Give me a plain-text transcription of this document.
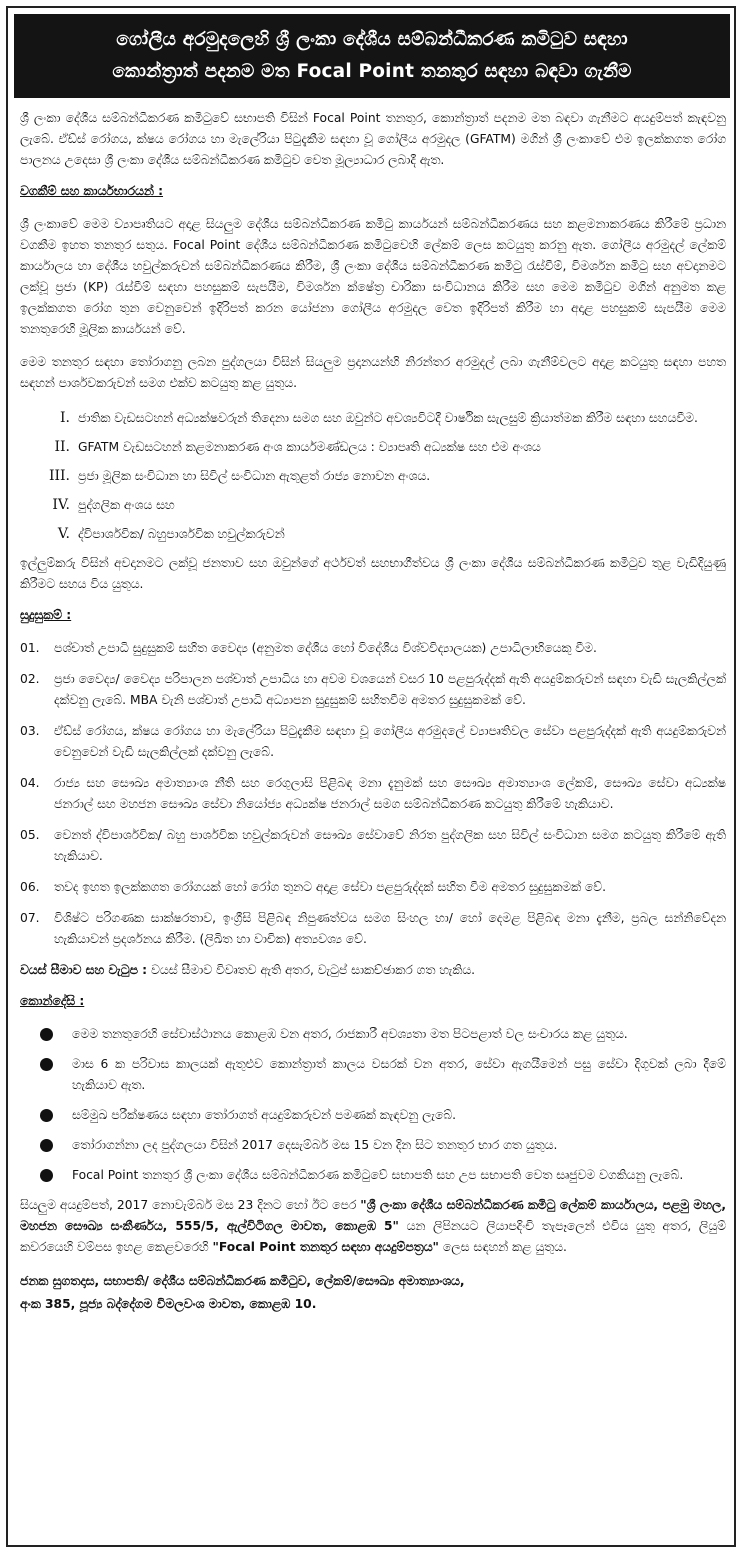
ගෝලීය අරමුදලෙහි ශ්‍රී ලංකා දේශීය සම්බන්ධීකරණ කමිටුව සඳහා
කොන්ත්‍රාත් පදනම මත Focal Point තනතුර සඳහා බඳවා ගැනීම

ශ්‍රී ලංකා දේශීය සම්බන්ධීකරණ කමිටුවේ සභාපති විසින් Focal Point තනතුර, කොන්ත්‍රාත් පදනම මත බඳවා ගැනීමට අයදුම්පත් කැඳවනු ලැබේ. ඒඩ්ස් රෝගය, ක්ෂය රෝගය හා මැලේරියා පිටුදැකීම සඳහා වූ ගෝලීය අරමුදල (GFATM) මගින් ශ්‍රී ලංකාවේ එම ඉලක්කගත රෝග පාලනය උදෙසා ශ්‍රී ලංකා දේශීය සම්බන්ධීකරණ කමිටුව වෙත මූල්‍යාධාර ලබාදී ඇත.

වගකීම් සහ කාර්යභාරයන් :

ශ්‍රී ලංකාවේ මෙම ව්‍යාපෘතියට අදාළ සියලුම දේශීය සම්බන්ධීකරණ කමිටු කාර්යයන් සම්බන්ධීකරණය සහ කළමනාකරණය කිරීමේ ප්‍රධාන වගකීම ඉහත තනතුර සතුය. Focal Point දේශීය සම්බන්ධීකරණ කමිටුවෙහි ලේකම් ලෙස කටයුතු කරනු ඇත. ගෝලීය අරමුදල් ලේකම් කාර්යාලය හා දේශීය හවුල්කරුවන් සම්බන්ධීකරණය කිරීම, ශ්‍රී ලංකා දේශීය සම්බන්ධීකරණ කමිටු රැස්වීම්, විමර්ශන කමිටු සහ අවදානමට ලක්වූ ප්‍රජා (KP) රැස්වීම් සඳහා පහසුකම් සැපයීම, විමර්ශන ක්ෂේත්‍ර චාරිකා සංවිධානය කිරීම සහ මෙම කමිටුව මගින් අනුමත කළ ඉලක්කගත රෝග තුන වෙනුවෙන් ඉදිරිපත් කරන යෝජනා ගෝලීය අරමුදල වෙත ඉදිරිපත් කිරීම හා අදාළ පහසුකම් සැපයීම මෙම තනතුරෙහි මූලික කාර්යයන් වේ.

මෙම තනතුර සඳහා තෝරාගනු ලබන පුද්ගලයා විසින් සියලුම ප්‍රදානයන්හි නිරන්තර අරමුදල් ලබා ගැනීම්වලට අදාළ කටයුතු සඳහා පහත සඳහන් පාර්ශවකරුවන් සමග එක්ව කටයුතු කළ යුතුය.

I. ජාතික වැඩසටහන් අධ්‍යක්ෂවරුන් තිදෙනා සමග සහ ඔවුන්ට අවශ්‍යවිටදී වාර්ෂික සැලසුම් ක්‍රියාත්මක කිරීම සඳහා සහයවීම.
II. GFATM වැඩසටහන් කළමනාකරණ අංශ කාර්යමණ්ඩලය : ව්‍යාපෘති අධ්‍යක්ෂ සහ එම අංශය
III. ප්‍රජා මූලික සංවිධාන හා සිවිල් සංවිධාන ඇතුළත් රාජ්‍ය නොවන අංශය.
IV. පුද්ගලික අංශය සහ
V. ද්විපාර්ශවික/ බහුපාර්ශවික හවුල්කරුවන්

ඉල්ලුම්කරු විසින් අවදානමට ලක්වූ ජනතාව සහ ඔවුන්ගේ අර්ථවත් සහභාගීත්වය ශ්‍රී ලංකා දේශීය සම්බන්ධීකරණ කමිටුව තුළ වැඩිදියුණු කිරීමට සහය විය යුතුය.

සුදුසුකම් :
01.	පශ්චාත් උපාධි සුදුසුකම් සහිත වෛද්‍ය (අනුමත දේශීය හෝ විදේශීය විශ්වවිද්‍යාලයක) උපාධිලාභියෙකු වීම.
02.	ප්‍රජා වෛද්‍ය/ වෛද්‍ය පරිපාලන පශ්චාත් උපාධිය හා අවම වශයෙන් වසර 10 පළපුරුද්දක් ඇති අයදුම්කරුවන් සඳහා වැඩි සැලකිල්ලක් දක්වනු ලැබේ. MBA වැනි පශ්චාත් උපාධි අධ්‍යාපන සුදුසුකම් සහිතවීම අමතර සුදුසුකමක් වේ.
03.	ඒඩ්ස් රෝගය, ක්ෂය රෝගය හා මැලේරියා පිටුදැකීම සඳහා වූ ගෝලීය අරමුදලේ ව්‍යාපෘතිවල සේවා පළපුරුද්දක් ඇති අයදුම්කරුවන් වෙනුවෙන් වැඩි සැලකිල්ලක් දක්වනු ලැබේ.
04.	රාජ්‍ය සහ සෞඛ්‍ය අමාත්‍යාංශ නීති සහ රෙගුලාසි පිළිබඳ මනා දැනුමක් සහ සෞඛ්‍ය අමාත්‍යාංශ ලේකම්, සෞඛ්‍ය සේවා අධ්‍යක්ෂ ජනරාල් සහ මහජන සෞඛ්‍ය සේවා නියෝජ්‍ය අධ්‍යක්ෂ ජනරාල් සමග සම්බන්ධීකරණ කටයුතු කිරීමේ හැකියාව.
05.	වෙනත් ද්විපාර්ශවික/ බහු පාර්ශවික හවුල්කරුවන් සෞඛ්‍ය සේවාවේ නිරත පුද්ගලික සහ සිවිල් සංවිධාන සමග කටයුතු කිරීමේ ඇති හැකියාව.
06.	තවද ඉහත ඉලක්කගත රෝගයක් හෝ රෝග තුනට අදාළ සේවා පළපුරුද්දක් සහිත වීම අමතර සුදුසුකමක් වේ.
07.	විශිෂ්ට පරිගණක සාක්ෂරතාව, ඉංග්‍රීසි පිළිබඳ නිපුණත්වය සමග සිංහල හා/ හෝ දෙමළ පිළිබඳ මනා දැනීම, ප්‍රබල සන්නිවේදන හැකියාවන් ප්‍රදර්ශනය කිරීම. (ලිඛිත හා වාචික) අත්‍යවශ්‍ය වේ.

වයස් සීමාව සහ වැටුප : වයස් සීමාව විවෘතව ඇති අතර, වැටුප් සාකච්ඡාකර ගත හැකිය.

කොන්දේසි :
මෙම තනතුරෙහි සේවාස්ථානය කොළඹ වන අතර, රාජකාරී අවශ්‍යතා මත පිටපළාත් වල සංචාරය කළ යුතුය.
මාස 6 ක පරිවාස කාලයක් ඇතුළුව කොන්ත්‍රාත් කාලය වසරක් වන අතර, සේවා ඇගයීමෙන් පසු සේවා දිගුවක් ලබා දීමේ හැකියාව ඇත.
සම්මුඛ පරීක්ෂණය සඳහා තෝරාගත් අයදුම්කරුවන් පමණක් කැඳවනු ලැබේ.
තෝරාගන්නා ලද පුද්ගලයා විසින් 2017 දෙසැම්බර් මස 15 වන දින සිට තනතුර භාර ගත යුතුය.
Focal Point තනතුර ශ්‍රී ලංකා දේශීය සම්බන්ධීකරණ කමිටුවේ සභාපති සහ උප සභාපති වෙත සෘජුවම වගකියනු ලැබේ.

සියලුම අයදුම්පත්, 2017 නොවැම්බර් මස 23 දිනට හෝ ඊට පෙර "ශ්‍රී ලංකා දේශීය සම්බන්ධීකරණ කමිටු ලේකම් කාර්යාලය, පළමු මහල, මහජන සෞඛ්‍ය සංකීර්ණය, 555/5, ඇල්විටිගල මාවත, කොළඹ 5" යන ලිපිනයට ලියාපදිංචි තැපෑලෙන් එවිය යුතු අතර, ලියුම් කවරයෙහි වම්පස ඉහළ කෙළවරෙහි "Focal Point තනතුර සඳහා අයදුම්පත්‍රය" ලෙස සඳහන් කළ යුතුය.

ජනක සුගතදාස, සභාපති/ දේශීය සම්බන්ධීකරණ කමිටුව, ලේකම්/සෞඛ්‍ය අමාත්‍යාංශය,
අංක 385, පූජ්‍ය බද්දේගම විමලවංශ මාවත, කොළඹ 10.
